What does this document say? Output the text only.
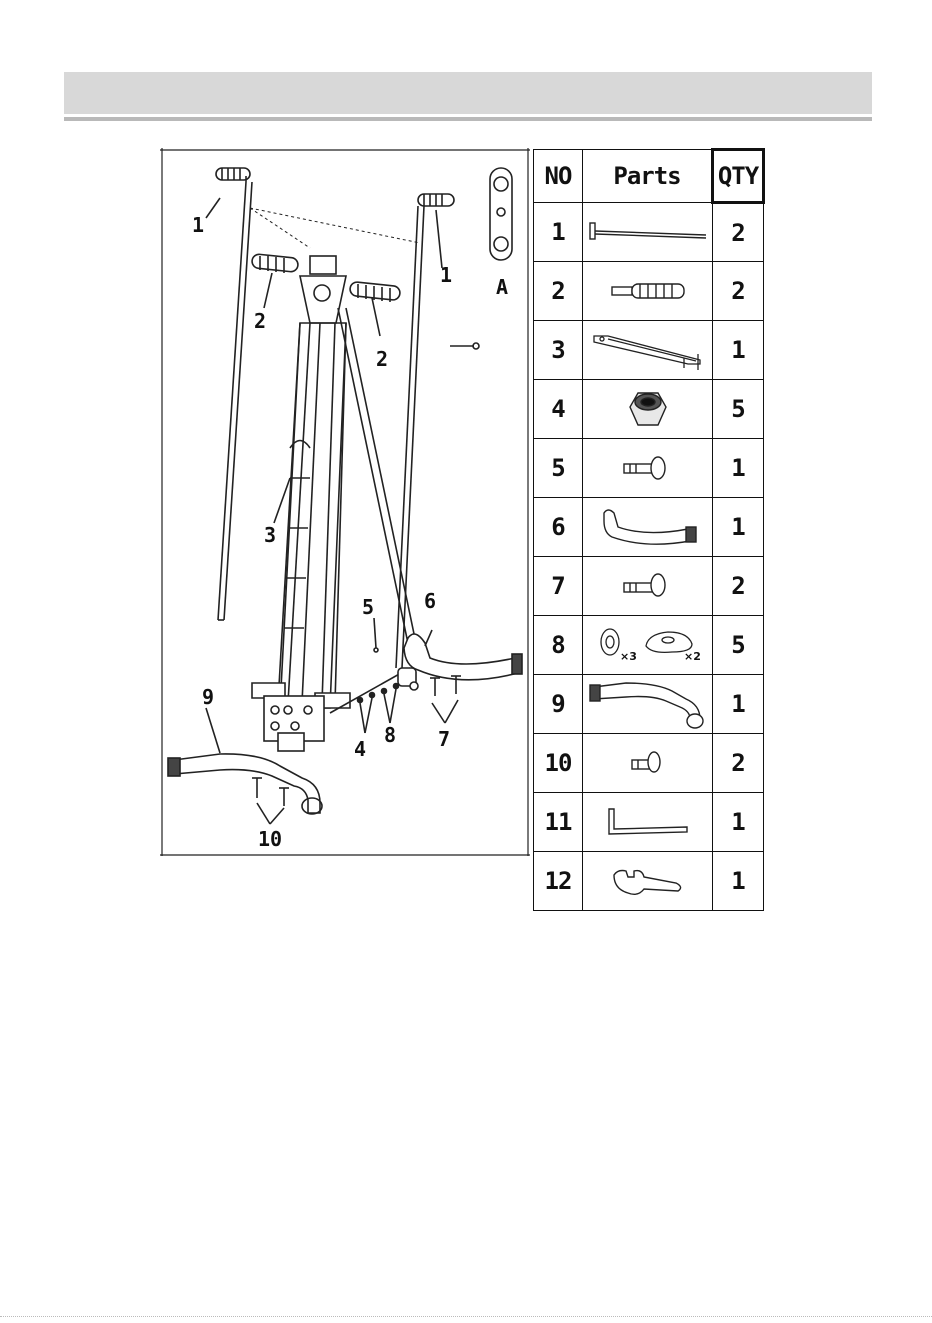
1
1 A
2
2
3
5 6
9
4
8 7
10
NO	Parts	QTY
1		2
2		2
3		1
4		5
5		1
6		1
7		2
8	×3 ×2	5
9		1
10		2
11		1
12		1
